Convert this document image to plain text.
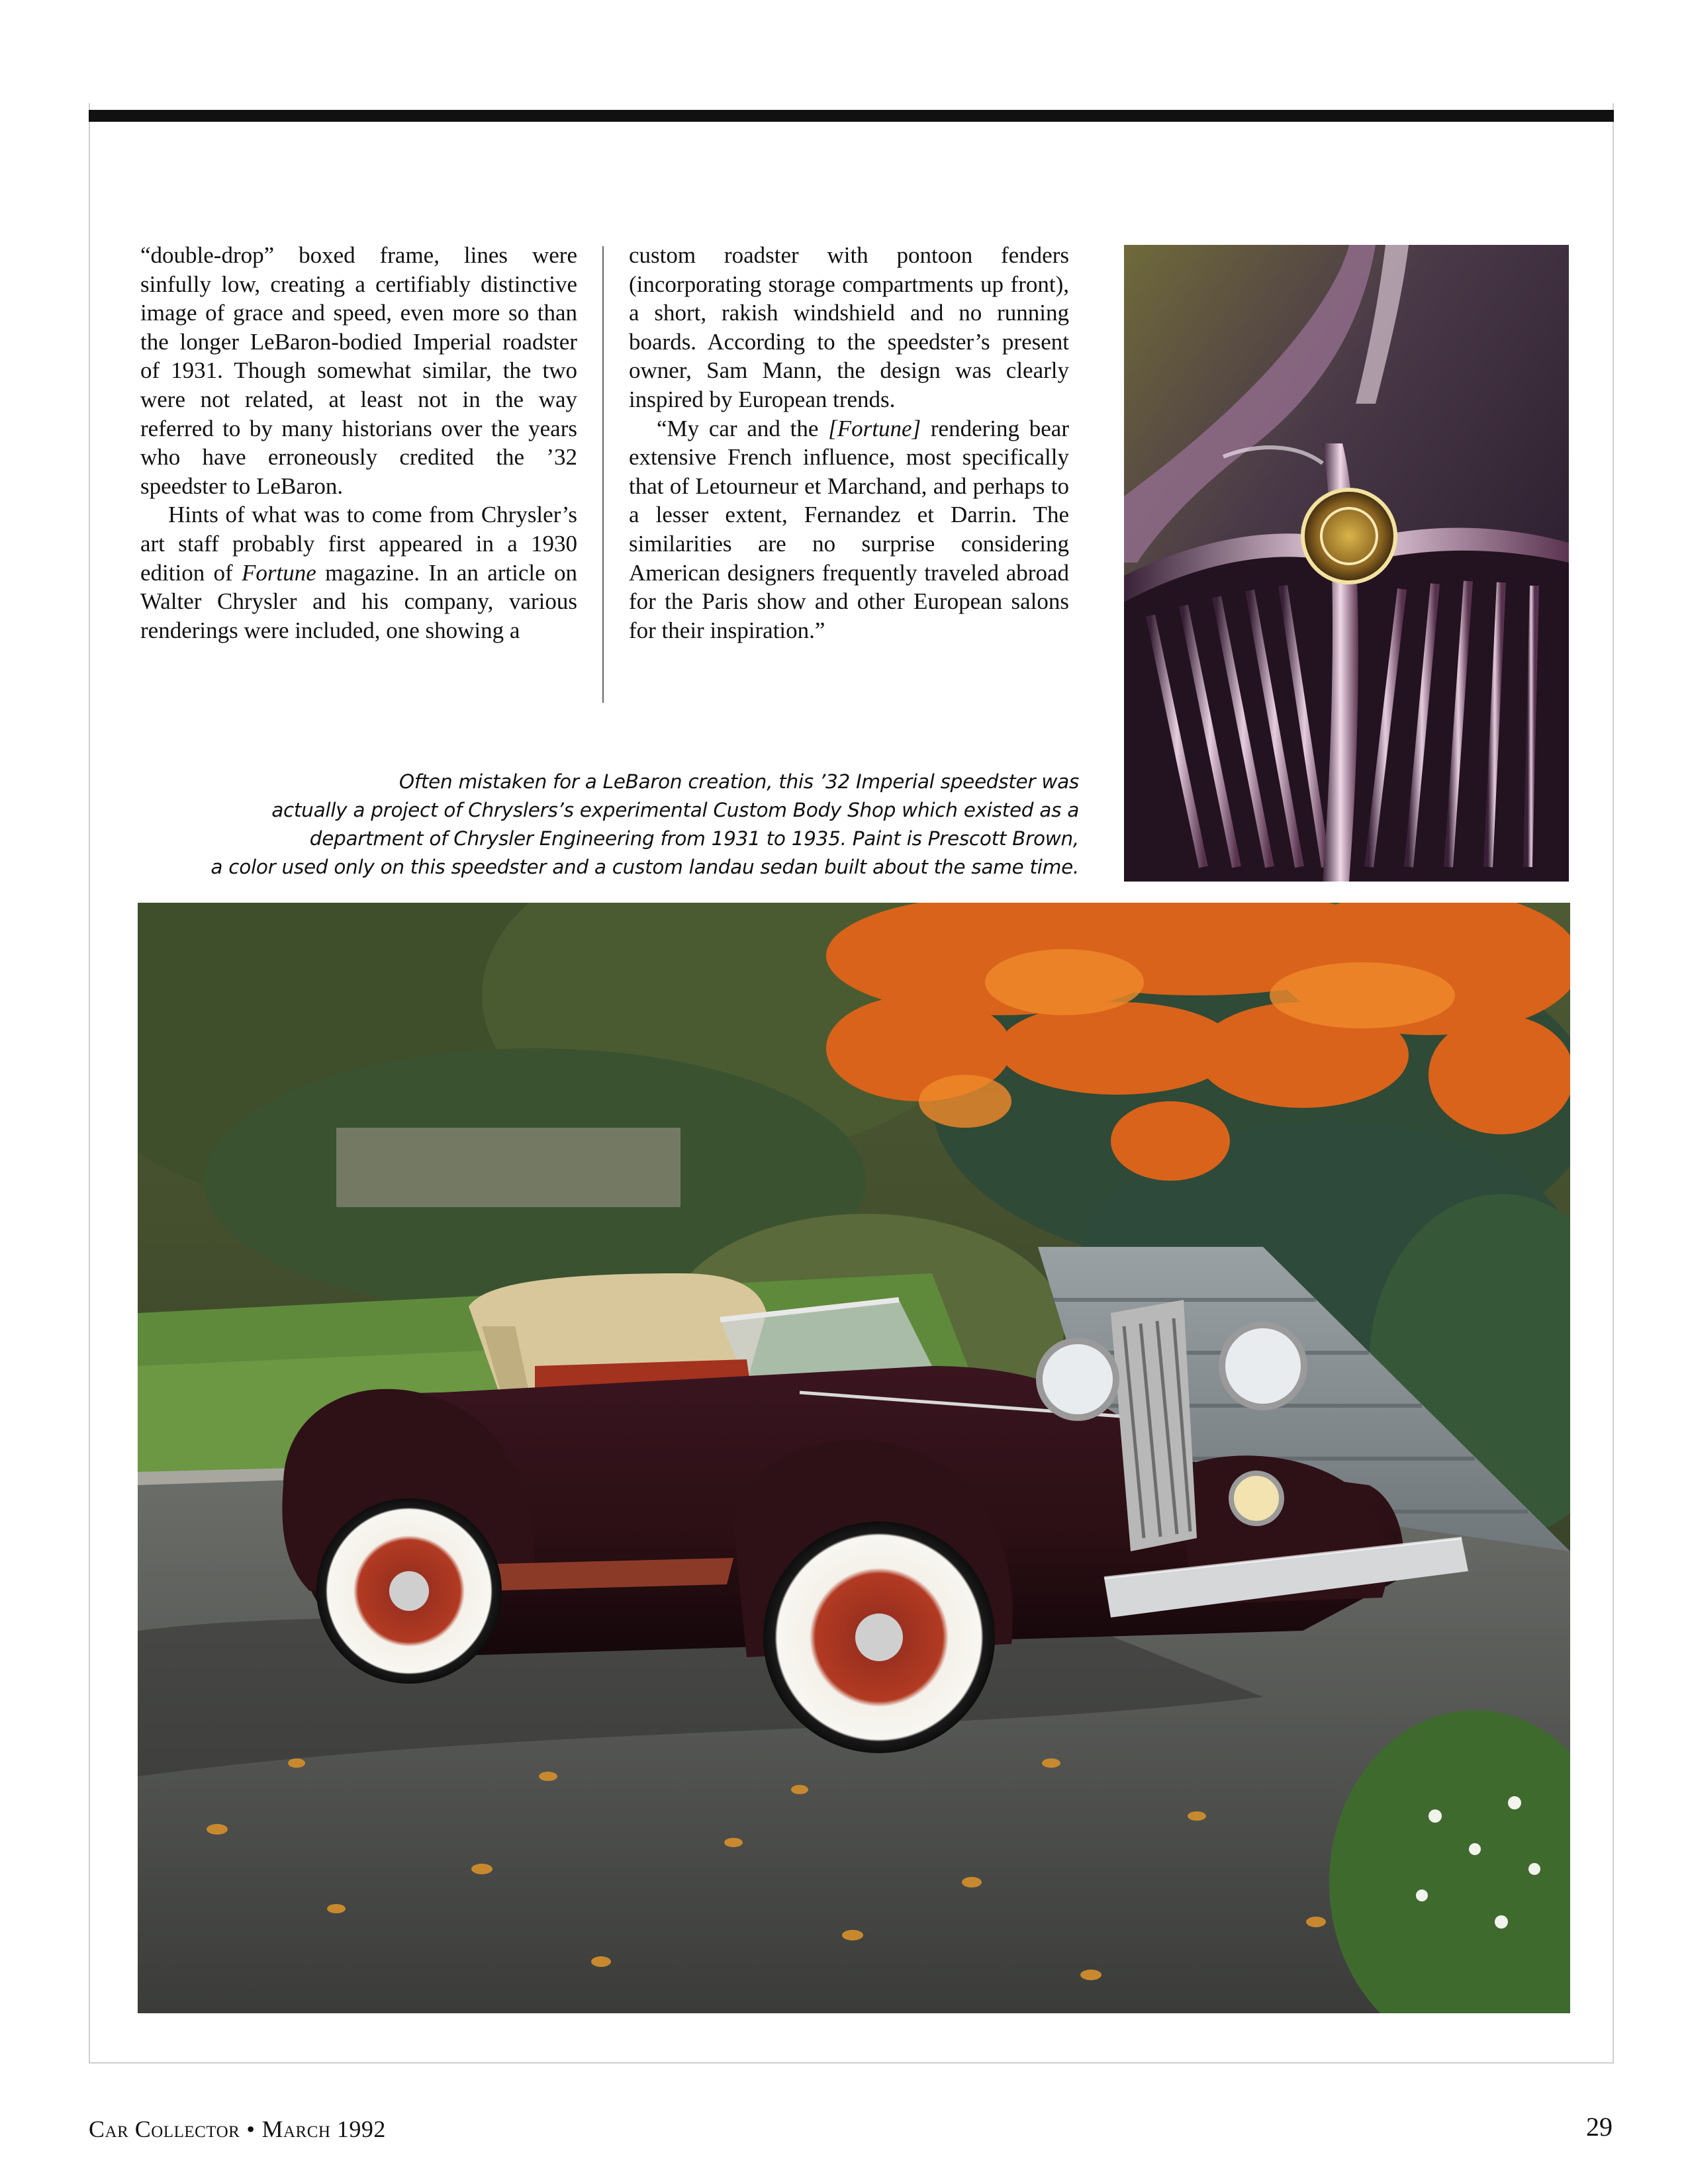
“double-drop” boxed frame, lines were sinfully low, creating a certifiably distinctive image of grace and speed, even more so than the longer LeBaron-bodied Imperial roadster of 1931. Though somewhat similar, the two were not related, at least not in the way referred to by many historians over the years who have erroneously credited the ’32 speedster to LeBaron.

Hints of what was to come from Chrysler’s art staff probably first appeared in a 1930 edition of Fortune magazine. In an article on Walter Chrysler and his company, various renderings were included, one showing a

custom roadster with pontoon fenders (incorporating storage compartments up front), a short, rakish windshield and no running boards. According to the speedster’s present owner, Sam Mann, the design was clearly inspired by European trends.

“My car and the [Fortune] rendering bear extensive French influence, most specifically that of Letourneur et Marchand, and perhaps to a lesser extent, Fernandez et Darrin. The similarities are no surprise considering American designers frequently traveled abroad for the Paris show and other European salons for their inspiration.”

Often mistaken for a LeBaron creation, this ’32 Imperial speedster was
actually a project of Chryslers’s experimental Custom Body Shop which existed as a
department of Chrysler Engineering from 1931 to 1935. Paint is Prescott Brown,
a color used only on this speedster and a custom landau sedan built about the same time.
Car Collector • March 1992	29
